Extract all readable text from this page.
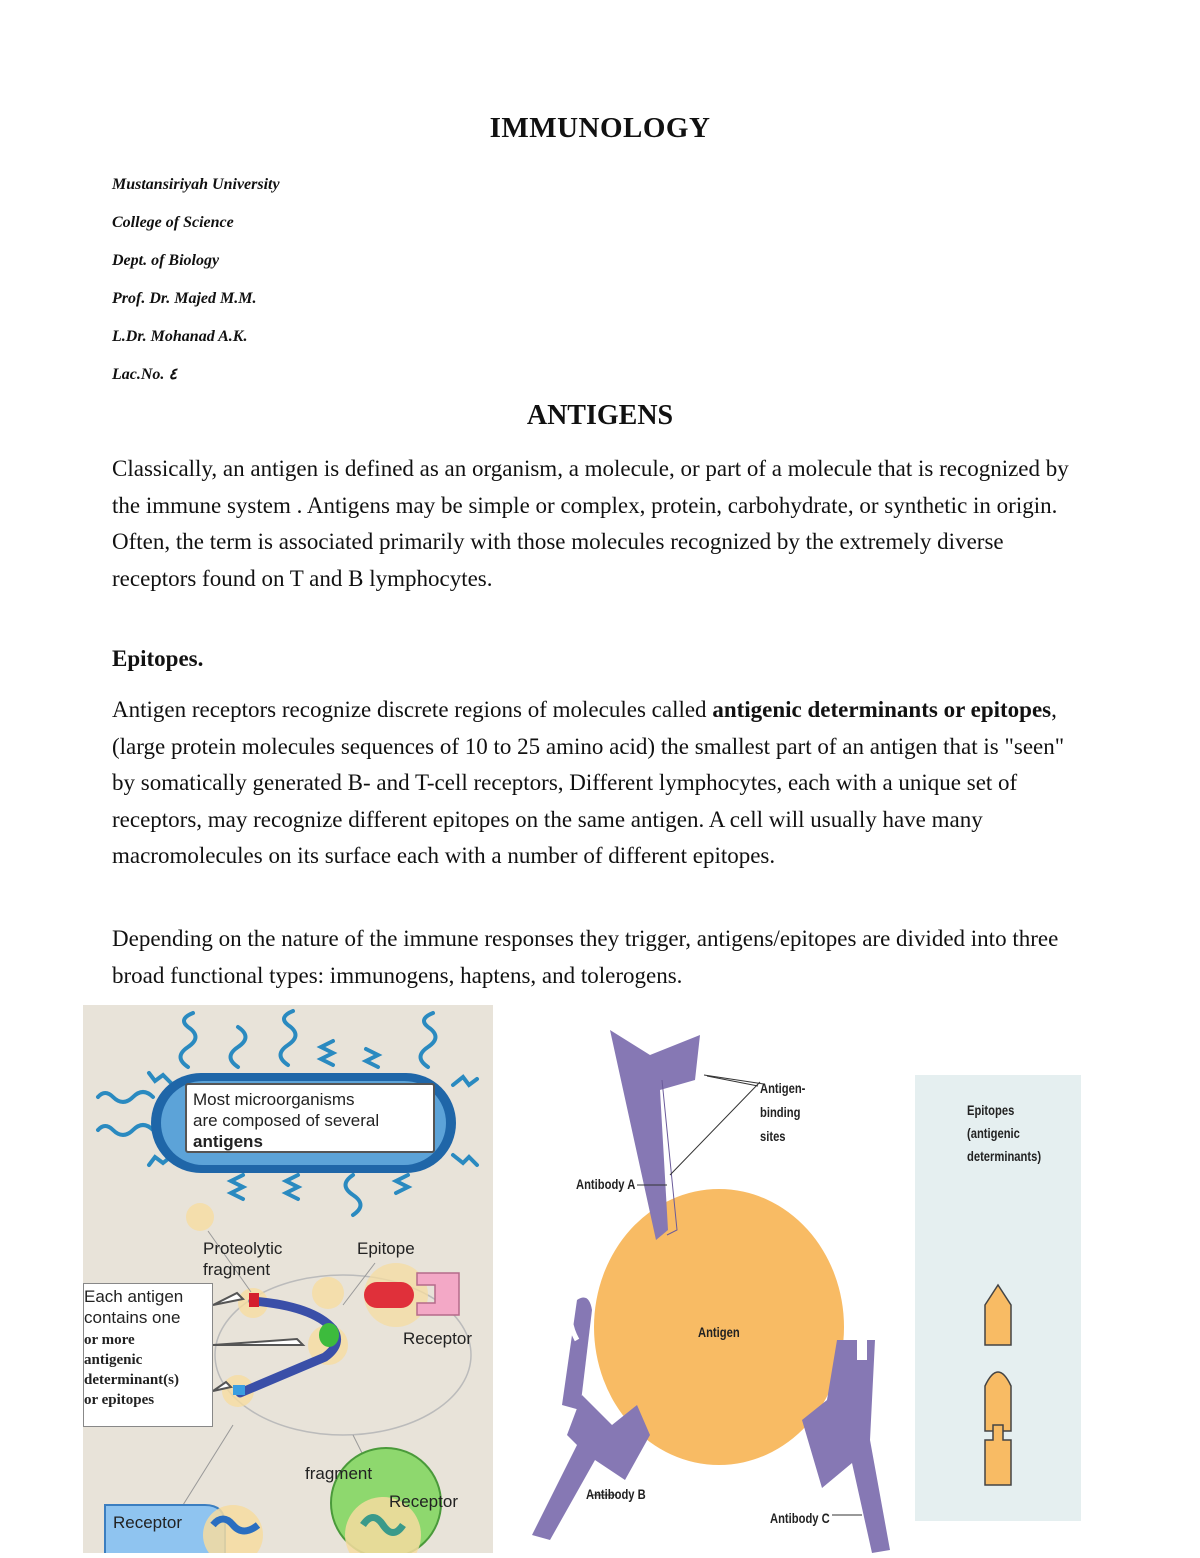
IMMUNOLOGY
Mustansiriyah University
College of Science
Dept. of Biology
Prof. Dr. Majed M.M.
L.Dr. Mohanad A.K.
Lac.No. ٤
ANTIGENS

Classically, an antigen is defined as an organism, a molecule, or part of a molecule that is recognized by the immune system . Antigens may be simple or complex, protein, carbohydrate, or synthetic in origin. Often, the term is associated primarily with those molecules recognized by the extremely diverse receptors found on T and B lymphocytes.

Epitopes.

Antigen receptors recognize discrete regions of molecules called antigenic determinants or epitopes,(large protein molecules sequences of 10 to 25 amino acid) the smallest part of an antigen that is "seen" by somatically generated B- and T-cell receptors, Different lymphocytes, each with a unique set of receptors, may recognize different epitopes on the same antigen. A cell will usually have many macromolecules on its surface each with a number of different epitopes.

Depending on the nature of the immune responses they trigger, antigens/epitopes are divided into three broad functional types: immunogens, haptens, and tolerogens.

Most microorganisms
are composed of several
antigens
Proteolytic
fragment
Epitope
Receptor
Each antigen
contains one
or more
antigenic
determinant(s)
or epitopes
fragment
Receptor
Receptor
Antigen-
binding
sites
Antibody A
Antigen
Antibody B
Antibody C
Epitopes
(antigenic
determinants)
